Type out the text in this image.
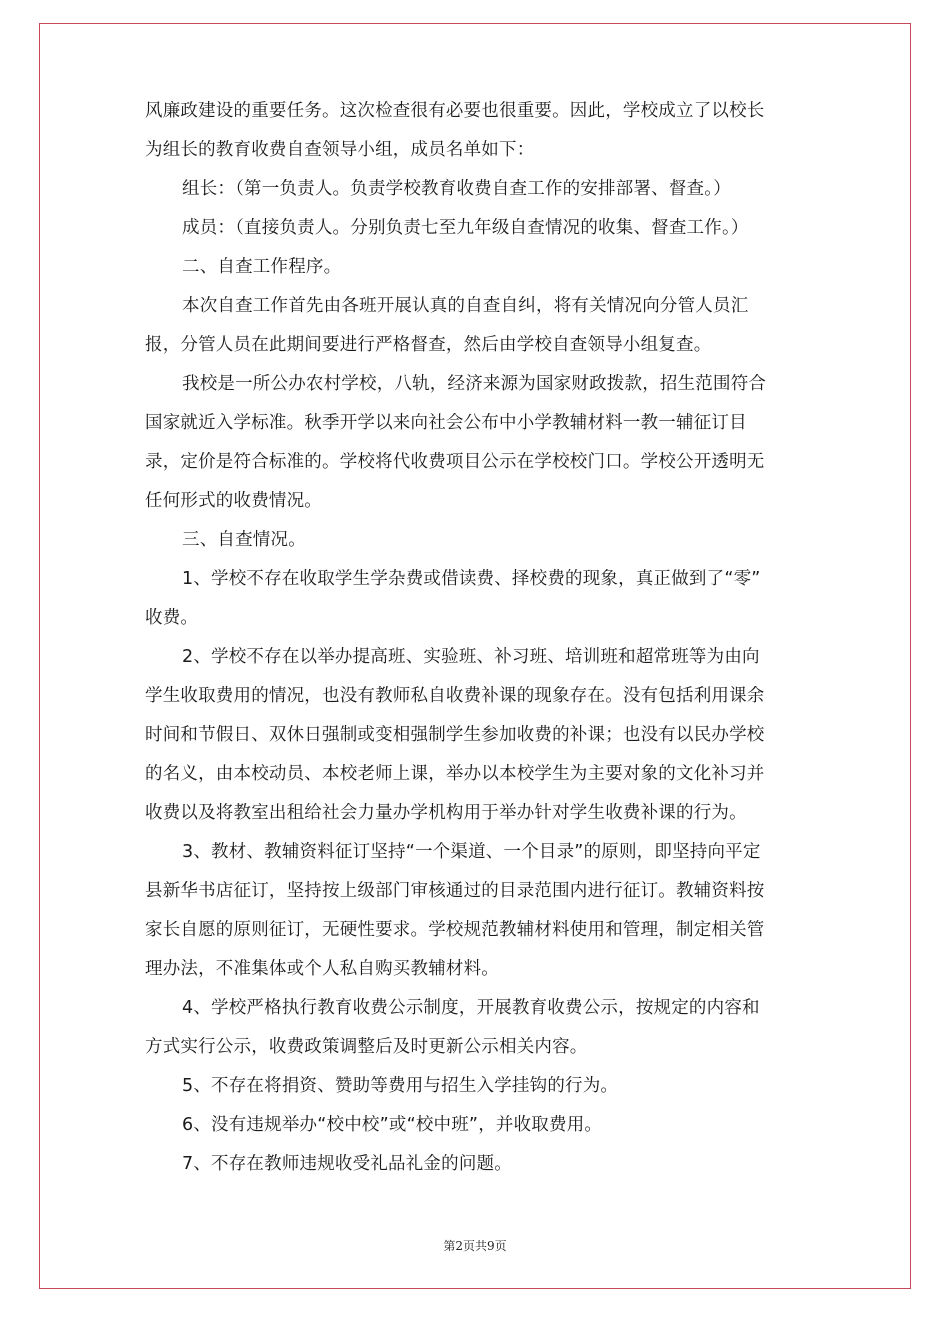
风廉政建设的重要任务。这次检查很有必要也很重要。因此，学校成立了以校长
为组长的教育收费自查领导小组，成员名单如下：
组长：（第一负责人。负责学校教育收费自查工作的安排部署、督查。）
成员：（直接负责人。分别负责七至九年级自查情况的收集、督查工作。）
二、自查工作程序。
本次自查工作首先由各班开展认真的自查自纠，将有关情况向分管人员汇
报，分管人员在此期间要进行严格督查，然后由学校自查领导小组复查。
我校是一所公办农村学校，八轨，经济来源为国家财政拨款，招生范围符合
国家就近入学标准。秋季开学以来向社会公布中小学教辅材料一教一辅征订目
录，定价是符合标准的。学校将代收费项目公示在学校校门口。学校公开透明无
任何形式的收费情况。
三、自查情况。
1、学校不存在收取学生学杂费或借读费、择校费的现象，真正做到了“零”
收费。
2、学校不存在以举办提高班、实验班、补习班、培训班和超常班等为由向
学生收取费用的情况，也没有教师私自收费补课的现象存在。没有包括利用课余
时间和节假日、双休日强制或变相强制学生参加收费的补课；也没有以民办学校
的名义，由本校动员、本校老师上课，举办以本校学生为主要对象的文化补习并
收费以及将教室出租给社会力量办学机构用于举办针对学生收费补课的行为。
3、教材、教辅资料征订坚持“一个渠道、一个目录”的原则，即坚持向平定
县新华书店征订，坚持按上级部门审核通过的目录范围内进行征订。教辅资料按
家长自愿的原则征订，无硬性要求。学校规范教辅材料使用和管理，制定相关管
理办法，不准集体或个人私自购买教辅材料。
4、学校严格执行教育收费公示制度，开展教育收费公示，按规定的内容和
方式实行公示，收费政策调整后及时更新公示相关内容。
5、不存在将捐资、赞助等费用与招生入学挂钩的行为。
6、没有违规举办“校中校”或“校中班”，并收取费用。
7、不存在教师违规收受礼品礼金的问题。
第2页共9页
